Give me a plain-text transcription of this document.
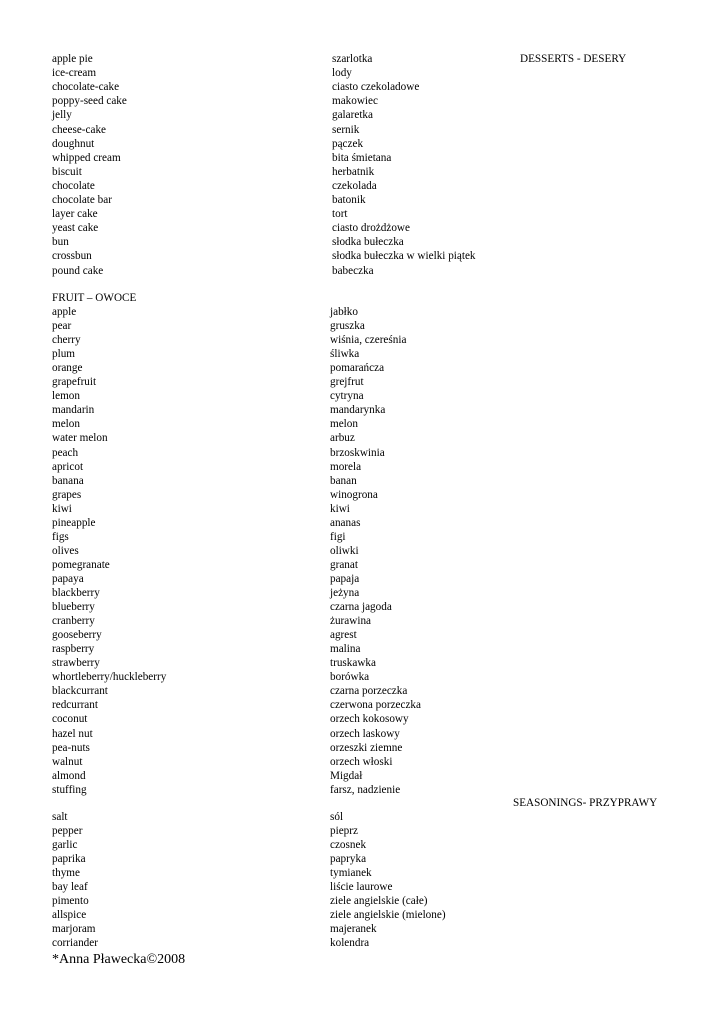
DESSERTS - DESERY
apple pie	szarlotka
ice-cream	lody
chocolate-cake	ciasto czekoladowe
poppy-seed cake	makowiec
jelly	galaretka
cheese-cake	sernik
doughnut	pączek
whipped cream	bita śmietana
biscuit	herbatnik
chocolate	czekolada
chocolate bar	batonik
layer cake	tort
yeast cake	ciasto drożdżowe
bun	słodka bułeczka
crossbun	słodka bułeczka w wielki piątek
pound cake	babeczka
FRUIT – OWOCE
apple	jabłko
pear	gruszka
cherry	wiśnia, czereśnia
plum	śliwka
orange	pomarańcza
grapefruit	grejfrut
lemon	cytryna
mandarin	mandarynka
melon	melon
water melon	arbuz
peach	brzoskwinia
apricot	morela
banana	banan
grapes	winogrona
kiwi	kiwi
pineapple	ananas
figs	figi
olives	oliwki
pomegranate	granat
papaya	papaja
blackberry	jeżyna
blueberry	czarna jagoda
cranberry	żurawina
gooseberry	agrest
raspberry	malina
strawberry	truskawka
whortleberry/huckleberry	borówka
blackcurrant	czarna porzeczka
redcurrant	czerwona porzeczka
coconut	orzech kokosowy
hazel nut	orzech laskowy
pea-nuts	orzeszki ziemne
walnut	orzech włoski
almond	Migdał
stuffing	farsz, nadzienie
SEASONINGS- PRZYPRAWY
salt	sól
pepper	pieprz
garlic	czosnek
paprika	papryka
thyme	tymianek
bay leaf	liście laurowe
pimento	ziele angielskie (całe)
allspice	ziele angielskie (mielone)
marjoram	majeranek
corriander	kolendra
*Anna Pławecka©2008
